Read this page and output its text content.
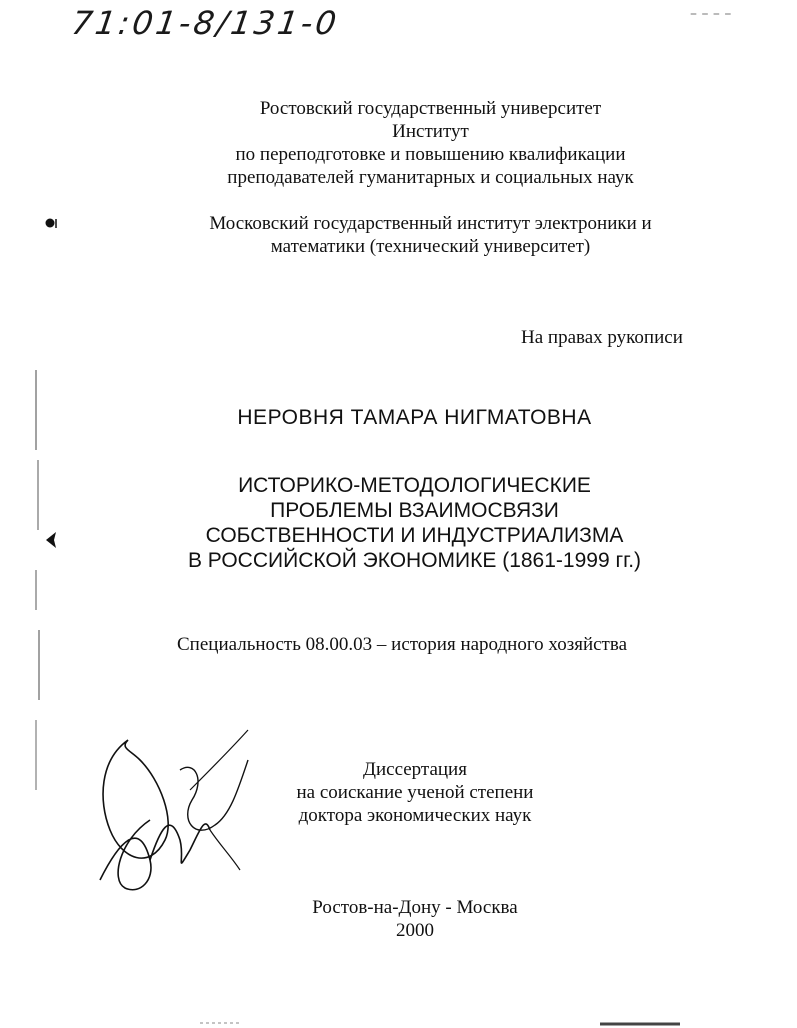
71:01-8/131-0	– – – –
Ростовский государственный университет
Институт
по переподготовке и повышению квалификации
преподавателей гуманитарных и социальных наук
Московский государственный институт электроники и
математики (технический университет)
На правах рукописи
НЕРОВНЯ ТАМАРА НИГМАТОВНА
ИСТОРИКО-МЕТОДОЛОГИЧЕСКИЕ
ПРОБЛЕМЫ ВЗАИМОСВЯЗИ
СОБСТВЕННОСТИ И ИНДУСТРИАЛИЗМА
В РОССИЙСКОЙ ЭКОНОМИКЕ (1861-1999 гг.)
Специальность 08.00.03 – история народного хозяйства
Диссертация
на соискание ученой степени
доктора экономических наук
Ростов-на-Дону - Москва
2000
